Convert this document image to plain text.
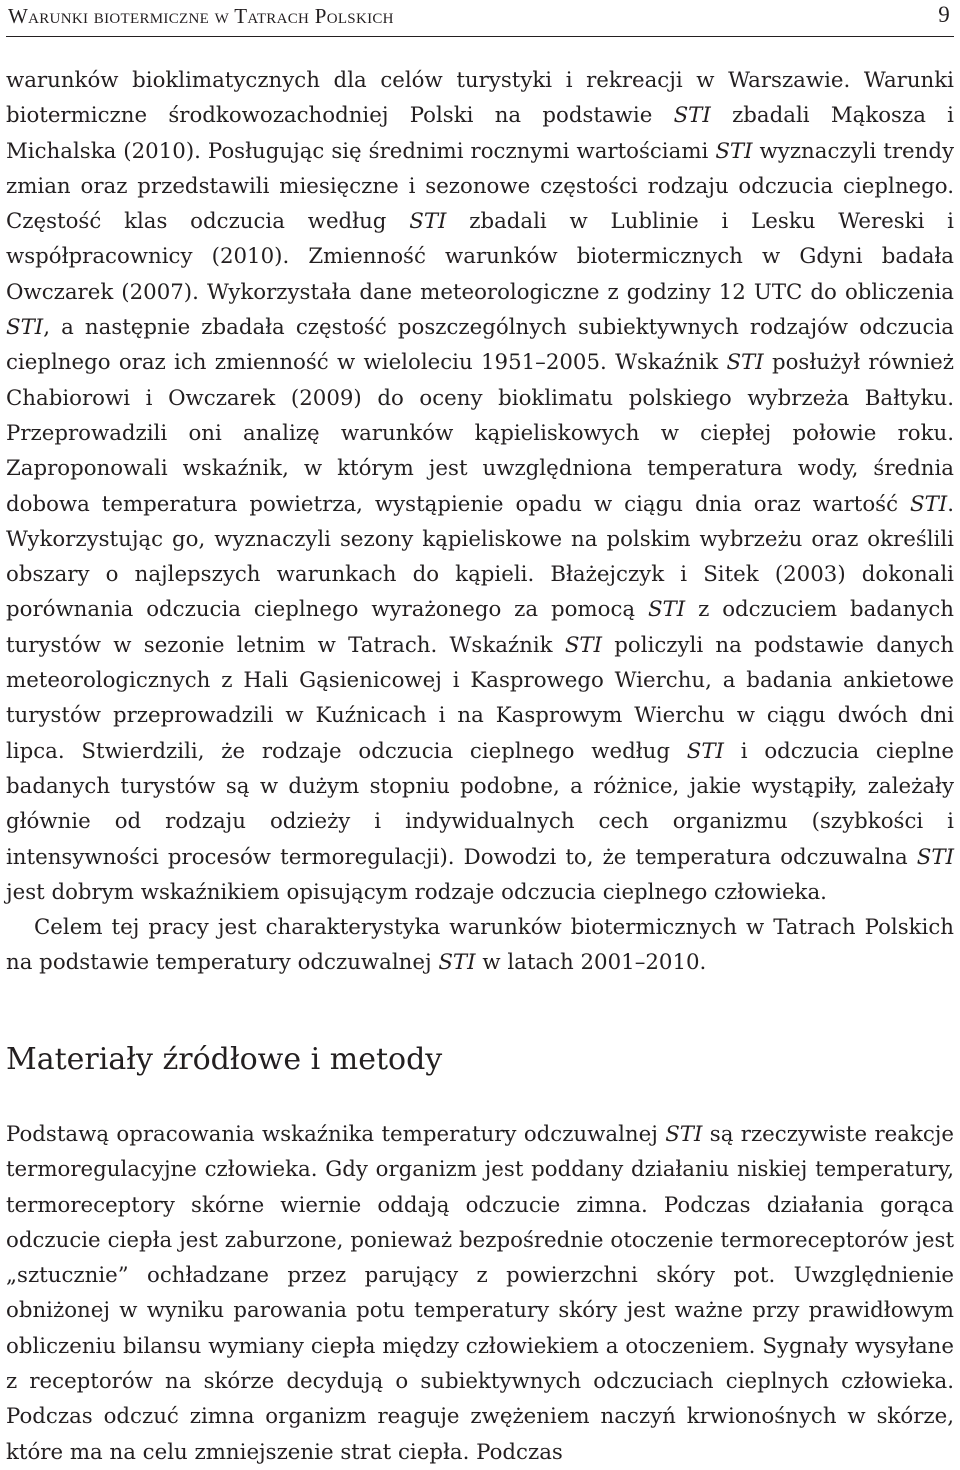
Warunki biotermiczne w Tatrach Polskich	9

warunków bioklimatycznych dla celów turystyki i rekreacji w Warszawie. Warunki biotermiczne środkowozachodniej Polski na podstawie STI zbadali Mąkosza i Michalska (2010). Posługując się średnimi rocznymi wartościami STI wyznaczyli trendy zmian oraz przedstawili miesięczne i sezonowe częstości rodzaju odczucia cieplnego. Częstość klas odczucia według STI zbadali w Lublinie i Lesku Wereski i współpracownicy (2010). Zmienność warunków biotermicznych w Gdyni badała Owczarek (2007). Wykorzystała dane meteorologiczne z godziny 12 UTC do obliczenia STI, a następnie zbadała częstość poszczególnych subiektywnych rodzajów odczucia cieplnego oraz ich zmienność w wieloleciu 1951–2005. Wskaźnik STI posłużył również Chabiorowi i Owczarek (2009) do oceny bioklimatu polskiego wybrzeża Bałtyku. Przeprowadzili oni analizę warunków kąpieliskowych w ciepłej połowie roku. Zaproponowali wskaźnik, w którym jest uwzględniona temperatura wody, średnia dobowa temperatura powietrza, wystąpienie opadu w ciągu dnia oraz wartość STI. Wykorzystując go, wyznaczyli sezony kąpieliskowe na polskim wybrzeżu oraz określili obszary o najlepszych warunkach do kąpieli. Błażejczyk i Sitek (2003) dokonali porównania odczucia cieplnego wyrażonego za pomocą STI z odczuciem badanych turystów w sezonie letnim w Tatrach. Wskaźnik STI policzyli na podstawie danych meteorologicznych z Hali Gąsienicowej i Kasprowego Wierchu, a badania ankietowe turystów przeprowadzili w Kuźnicach i na Kasprowym Wierchu w ciągu dwóch dni lipca. Stwierdzili, że rodzaje odczucia cieplnego według STI i odczucia cieplne badanych turystów są w dużym stopniu podobne, a różnice, jakie wystąpiły, zależały głównie od rodzaju odzieży i indywidualnych cech organizmu (szybkości i intensywności procesów termoregulacji). Dowodzi to, że temperatura odczuwalna STI jest dobrym wskaźnikiem opisującym rodzaje odczucia cieplnego człowieka.

Celem tej pracy jest charakterystyka warunków biotermicznych w Tatrach Polskich na podstawie temperatury odczuwalnej STI w latach 2001–2010.

Materiały źródłowe i metody

Podstawą opracowania wskaźnika temperatury odczuwalnej STI są rzeczywiste reakcje termoregulacyjne człowieka. Gdy organizm jest poddany działaniu niskiej temperatury, termoreceptory skórne wiernie oddają odczucie zimna. Podczas działania gorąca odczucie ciepła jest zaburzone, ponieważ bezpośrednie otoczenie termoreceptorów jest „sztucznie” ochładzane przez parujący z powierzchni skóry pot. Uwzględnienie obniżonej w wyniku parowania potu temperatury skóry jest ważne przy prawidłowym obliczeniu bilansu wymiany ciepła między człowiekiem a otoczeniem. Sygnały wysyłane z receptorów na skórze decydują o subiektywnych odczuciach cieplnych człowieka. Podczas odczuć zimna organizm reaguje zwężeniem naczyń krwionośnych w skórze, które ma na celu zmniejszenie strat ciepła. Podczas
